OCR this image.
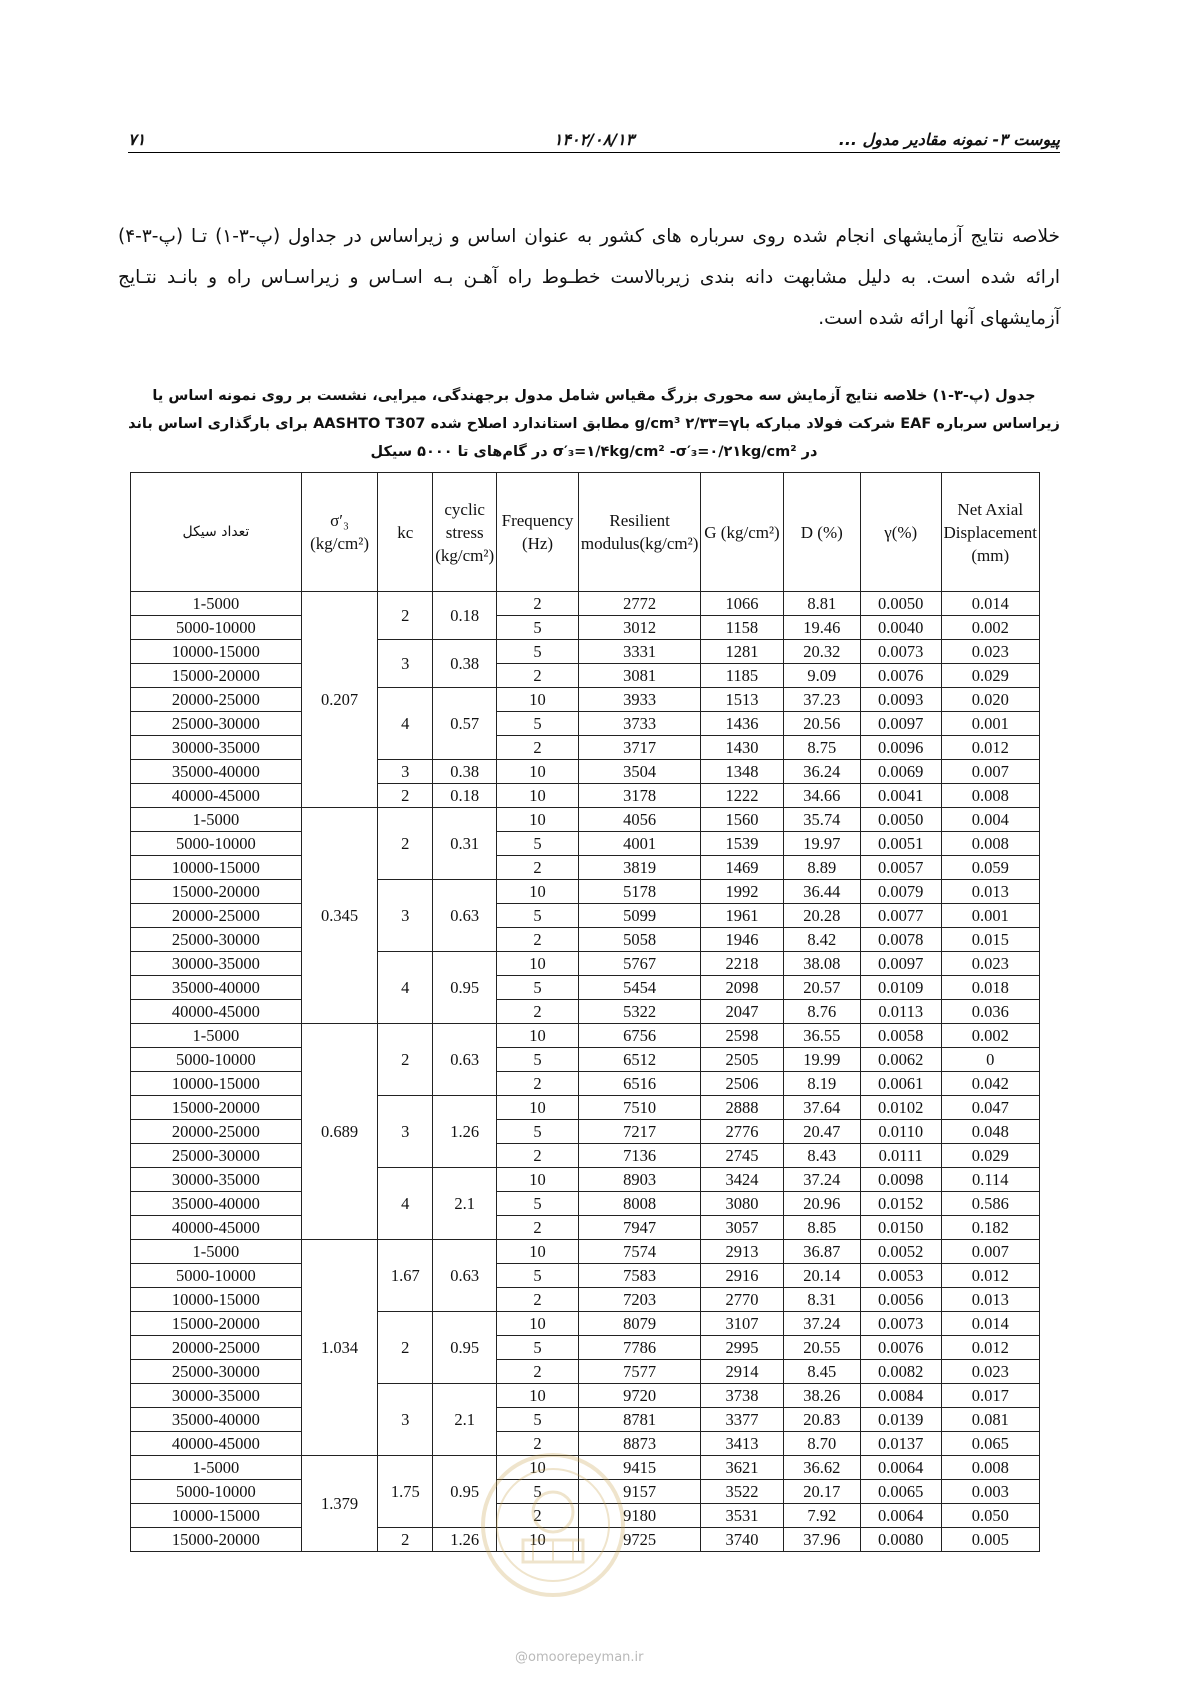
۷۱	۱۴۰۲/۰۸/۱۳	پیوست ۳- نمونه مقادیر مدول ...
خلاصه نتایج آزمایشهای انجام شده روی سرباره های کشور به عنوان اساس و زیراساس در جداول (پ-۳-۱) تـا (پ-۳-۴) ارائه شده است. به دلیل مشابهت دانه بندی زیربالاست خطـوط راه آهـن بـه اسـاس و زیراسـاس راه و بانـد نتـایج آزمایشهای آنها ارائه شده است.
جدول (پ-۳-۱) خلاصه نتایج آزمایش سه محوری بزرگ مقیاس شامل مدول برجهندگی، میرایی، نشست بر روی نمونه اساس یا
زیراساس سرباره EAF شرکت فولاد مبارکه باg/cm³ ۲/۳۳=γ مطابق استاندارد اصلاح شده AASHTO T307 برای بارگذاری اساس باند
در σ′₃=۱/۴kg/cm² -σ′₃=۰/۲۱kg/cm² در گام‌های تا ۵۰۰۰ سیکل
تعداد سیکل	σ′₃ (kg/cm²)	kc	cyclic stress (kg/cm²)	Frequency (Hz)	Resilient modulus(kg/cm²)	G (kg/cm²)	D (%)	γ(%)	Net Axial Displacement (mm)
1-5000	0.207	2	0.18	2	2772	1066	8.81	0.0050	0.014
5000-10000				5	3012	1158	19.46	0.0040	0.002
10000-15000		3	0.38	5	3331	1281	20.32	0.0073	0.023
15000-20000				2	3081	1185	9.09	0.0076	0.029
20000-25000		4	0.57	10	3933	1513	37.23	0.0093	0.020
25000-30000				5	3733	1436	20.56	0.0097	0.001
30000-35000				2	3717	1430	8.75	0.0096	0.012
35000-40000		3	0.38	10	3504	1348	36.24	0.0069	0.007
40000-45000		2	0.18	10	3178	1222	34.66	0.0041	0.008
1-5000	0.345	2	0.31	10	4056	1560	35.74	0.0050	0.004
5000-10000				5	4001	1539	19.97	0.0051	0.008
10000-15000				2	3819	1469	8.89	0.0057	0.059
15000-20000		3	0.63	10	5178	1992	36.44	0.0079	0.013
20000-25000				5	5099	1961	20.28	0.0077	0.001
25000-30000				2	5058	1946	8.42	0.0078	0.015
30000-35000		4	0.95	10	5767	2218	38.08	0.0097	0.023
35000-40000				5	5454	2098	20.57	0.0109	0.018
40000-45000				2	5322	2047	8.76	0.0113	0.036
1-5000	0.689	2	0.63	10	6756	2598	36.55	0.0058	0.002
5000-10000				5	6512	2505	19.99	0.0062	0
10000-15000				2	6516	2506	8.19	0.0061	0.042
15000-20000		3	1.26	10	7510	2888	37.64	0.0102	0.047
20000-25000				5	7217	2776	20.47	0.0110	0.048
25000-30000				2	7136	2745	8.43	0.0111	0.029
30000-35000		4	2.1	10	8903	3424	37.24	0.0098	0.114
35000-40000				5	8008	3080	20.96	0.0152	0.586
40000-45000				2	7947	3057	8.85	0.0150	0.182
1-5000	1.034	1.67	0.63	10	7574	2913	36.87	0.0052	0.007
5000-10000				5	7583	2916	20.14	0.0053	0.012
10000-15000				2	7203	2770	8.31	0.0056	0.013
15000-20000		2	0.95	10	8079	3107	37.24	0.0073	0.014
20000-25000				5	7786	2995	20.55	0.0076	0.012
25000-30000				2	7577	2914	8.45	0.0082	0.023
30000-35000		3	2.1	10	9720	3738	38.26	0.0084	0.017
35000-40000				5	8781	3377	20.83	0.0139	0.081
40000-45000				2	8873	3413	8.70	0.0137	0.065
1-5000	1.379	1.75	0.95	10	9415	3621	36.62	0.0064	0.008
5000-10000				5	9157	3522	20.17	0.0065	0.003
10000-15000				2	9180	3531	7.92	0.0064	0.050
15000-20000		2	1.26	10	9725	3740	37.96	0.0080	0.005
@omoorepeyman.ir
